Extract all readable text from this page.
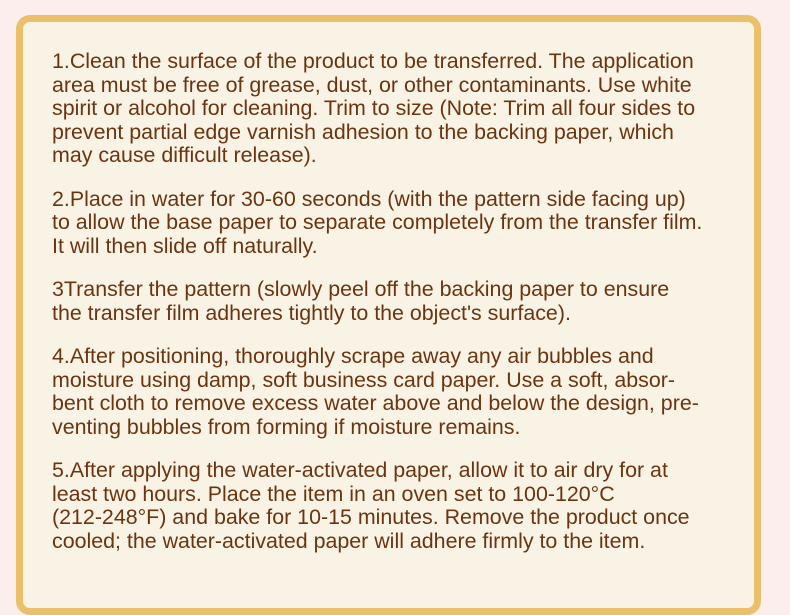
1.Clean the surface of the product to be transferred. The application
area must be free of grease, dust, or other contaminants. Use white
spirit or alcohol for cleaning. Trim to size (Note: Trim all four sides to
prevent partial edge varnish adhesion to the backing paper, which
may cause difficult release).

2.Place in water for 30-60 seconds (with the pattern side facing up)
to allow the base paper to separate completely from the transfer film.
It will then slide off naturally.

3Transfer the pattern (slowly peel off the backing paper to ensure
the transfer film adheres tightly to the object's surface).

4.After positioning, thoroughly scrape away any air bubbles and
moisture using damp, soft business card paper. Use a soft, absor-
bent cloth to remove excess water above and below the design, pre-
venting bubbles from forming if moisture remains.

5.After applying the water-activated paper, allow it to air dry for at
least two hours. Place the item in an oven set to 100-120°C
(212-248°F) and bake for 10-15 minutes. Remove the product once
cooled; the water-activated paper will adhere firmly to the item.
